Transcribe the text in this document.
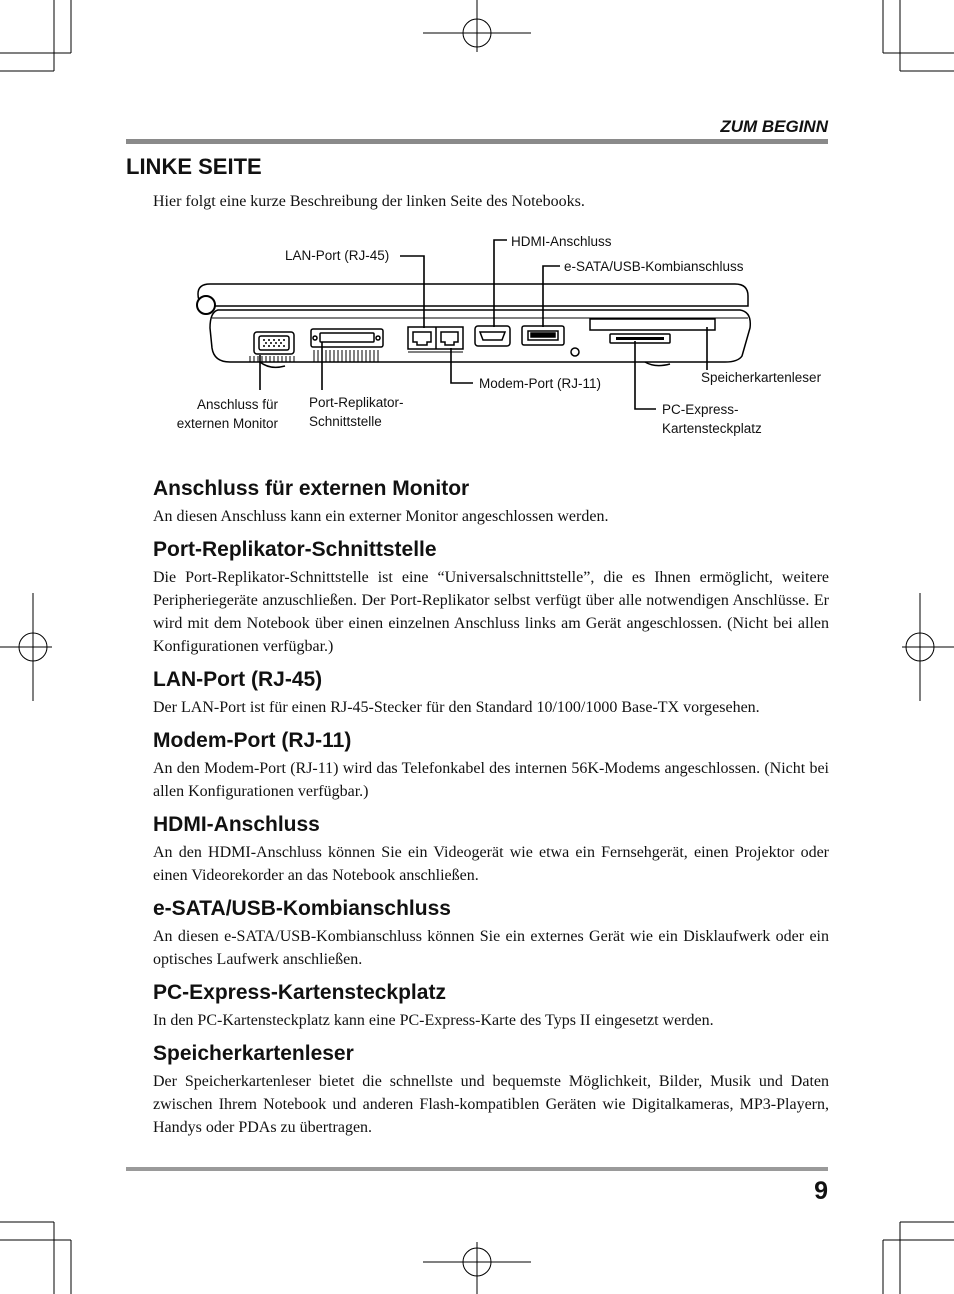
ZUM BEGINN
LINKE SEITE
Hier folgt eine kurze Beschreibung der linken Seite des Notebooks.
LAN-Port (RJ-45)
HDMI-Anschluss
e-SATA/USB-Kombianschluss
Anschluss für
externen Monitor
Port-Replikator-
Schnittstelle
Modem-Port (RJ-11)	Speicherkartenleser
PC-Express-
Kartensteckplatz
Anschluss für externen Monitor

An diesen Anschluss kann ein externer Monitor angeschlossen werden.

Port-Replikator-Schnittstelle

Die Port-Replikator-Schnittstelle ist eine “Universalschnittstelle”, die es Ihnen ermöglicht, weitere Peripheriegeräte anzuschließen. Der Port-Replikator selbst verfügt über alle notwendigen Anschlüsse. Er wird mit dem Notebook über einen einzelnen Anschluss links am Gerät angeschlossen. (Nicht bei allen Konfigurationen verfügbar.)

LAN-Port (RJ-45)

Der LAN-Port ist für einen RJ-45-Stecker für den Standard 10/100/1000 Base-TX vorgesehen.

Modem-Port (RJ-11)

An den Modem-Port (RJ-11) wird das Telefonkabel des internen 56K-Modems angeschlossen. (Nicht bei allen Konfigurationen verfügbar.)

HDMI-Anschluss

An den HDMI-Anschluss können Sie ein Videogerät wie etwa ein Fernsehgerät, einen Projektor oder einen Videorekorder an das Notebook anschließen.

e-SATA/USB-Kombianschluss

An diesen e-SATA/USB-Kombianschluss können Sie ein externes Gerät wie ein Disklaufwerk oder ein optisches Laufwerk anschließen.

PC-Express-Kartensteckplatz

In den PC-Kartensteckplatz kann eine PC-Express-Karte des Typs II eingesetzt werden.

Speicherkartenleser

Der Speicherkartenleser bietet die schnellste und bequemste Möglichkeit, Bilder, Musik und Daten zwischen Ihrem Notebook und anderen Flash-kompatiblen Geräten wie Digitalkameras, MP3-Playern, Handys oder PDAs zu übertragen.

9
